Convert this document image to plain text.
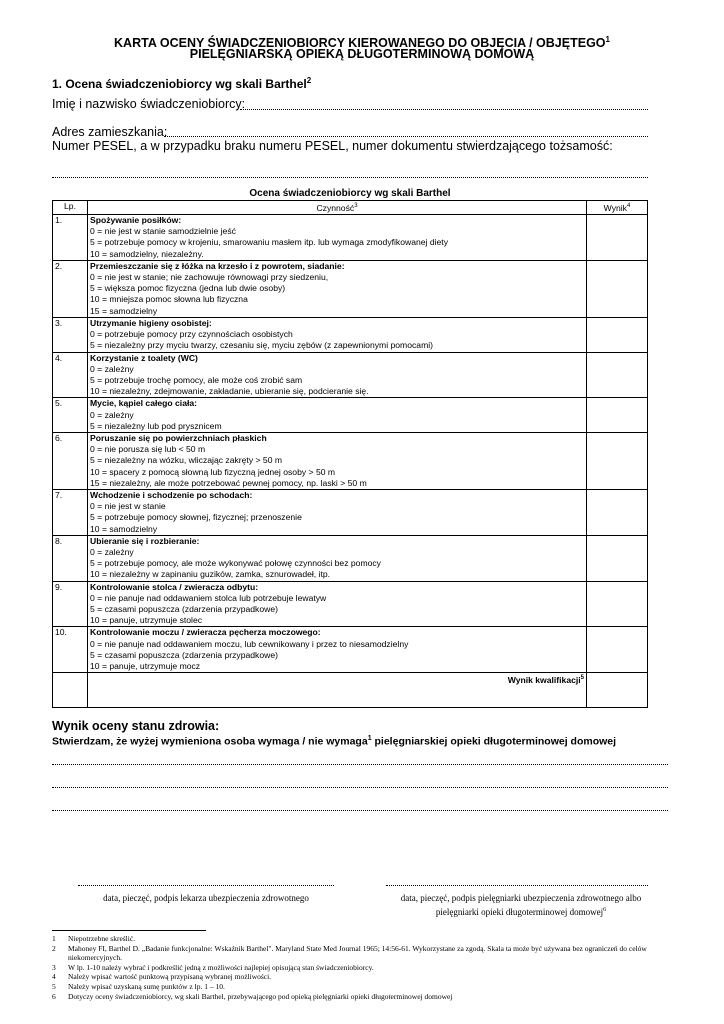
KARTA OCENY ŚWIADCZENIOBIORCY KIEROWANEGO DO OBJĘCIA / OBJĘTEGO$^1$
PIELĘGNIARSKĄ OPIEKĄ DŁUGOTERMINOWĄ DOMOWĄ
1. Ocena świadczeniobiorcy wg skali Barthel$^2$
Imię i nazwisko świadczeniobiorcy:
Adres zamieszkania:
Numer PESEL, a w przypadku braku numeru PESEL, numer dokumentu stwierdzającego tożsamość:
Ocena świadczeniobiorcy wg skali Barthel
Lp.	Czynność$^3$	Wynik$^4$
1.	Spożywanie posiłków:
0 = nie jest w stanie samodzielnie jeść
5 = potrzebuje pomocy w krojeniu, smarowaniu masłem itp. lub wymaga zmodyfikowanej diety
10 = samodzielny, niezależny.	

2.	Przemieszczanie się z łóżka na krzesło i z powrotem, siadanie:
0 = nie jest w stanie; nie zachowuje równowagi przy siedzeniu,
5 = większa pomoc fizyczna (jedna lub dwie osoby)
10 = mniejsza pomoc słowna lub fizyczna
15 = samodzielny	

3.	Utrzymanie higieny osobistej:
0 = potrzebuje pomocy przy czynnościach osobistych
5 = niezależny przy myciu twarzy, czesaniu się, myciu zębów (z zapewnionymi pomocami)	

4.	Korzystanie z toalety (WC)
0 = zależny
5 = potrzebuje trochę pomocy, ale może coś zrobić sam
10 = niezależny, zdejmowanie, zakładanie, ubieranie się, podcieranie się.	

5.	Mycie, kąpiel całego ciała:
0 = zależny
5 = niezależny lub pod prysznicem	

6.	Poruszanie się po powierzchniach płaskich
0 = nie porusza się lub < 50 m
5 = niezależny na wózku, wliczając zakręty > 50 m
10 = spacery z pomocą słowną lub fizyczną jednej osoby > 50 m
15 = niezależny, ale może potrzebować pewnej pomocy, np. laski > 50 m	

7.	Wchodzenie i schodzenie po schodach:
0 = nie jest w stanie
5 = potrzebuje pomocy słownej, fizycznej; przenoszenie
10 = samodzielny	

8.	Ubieranie się i rozbieranie:
0 = zależny
5 = potrzebuje pomocy, ale może wykonywać połowę czynności bez pomocy
10 = niezależny w zapinaniu guzików, zamka, sznurowadeł, itp.	

9.	Kontrolowanie stolca / zwieracza odbytu:
0 = nie panuje nad oddawaniem stolca lub potrzebuje lewatyw
5 = czasami popuszcza (zdarzenia przypadkowe)
10 = panuje, utrzymuje stolec	

10.	Kontrolowanie moczu / zwieracza pęcherza moczowego:
0 = nie panuje nad oddawaniem moczu, lub cewnikowany i przez to niesamodzielny
5 = czasami popuszcza (zdarzenia przypadkowe)
10 = panuje, utrzymuje mocz	

	Wynik kwalifikacji$^5$	
Wynik oceny stanu zdrowia:
Stwierdzam, że wyżej wymieniona osoba wymaga / nie wymaga$^1$ pielęgniarskiej opieki długoterminowej domowej
data, pieczęć, podpis lekarza ubezpieczenia zdrowotnego	data, pieczęć, podpis pielęgniarki ubezpieczenia zdrowotnego albo
pielęgniarki opieki długoterminowej domowej$^6$
1 Niepotrzebne skreślić.
2 Mahoney FI, Barthel D. „Badanie funkcjonalne: Wskaźnik Barthel". Maryland State Med Journal 1965; 14:56-61. Wykorzystane za zgodą. Skala ta może być używana bez ograniczeń do celów niekomercyjnych.
3 W lp. 1-10 należy wybrać i podkreślić jedną z możliwości najlepiej opisującą stan świadczeniobiorcy.
4 Należy wpisać wartość punktową przypisaną wybranej możliwości.
5 Należy wpisać uzyskaną sumę punktów z lp. 1 – 10.
6 Dotyczy oceny świadczeniobiorcy, wg skali Barthel, przebywającego pod opieką pielęgniarki opieki długoterminowej domowej
